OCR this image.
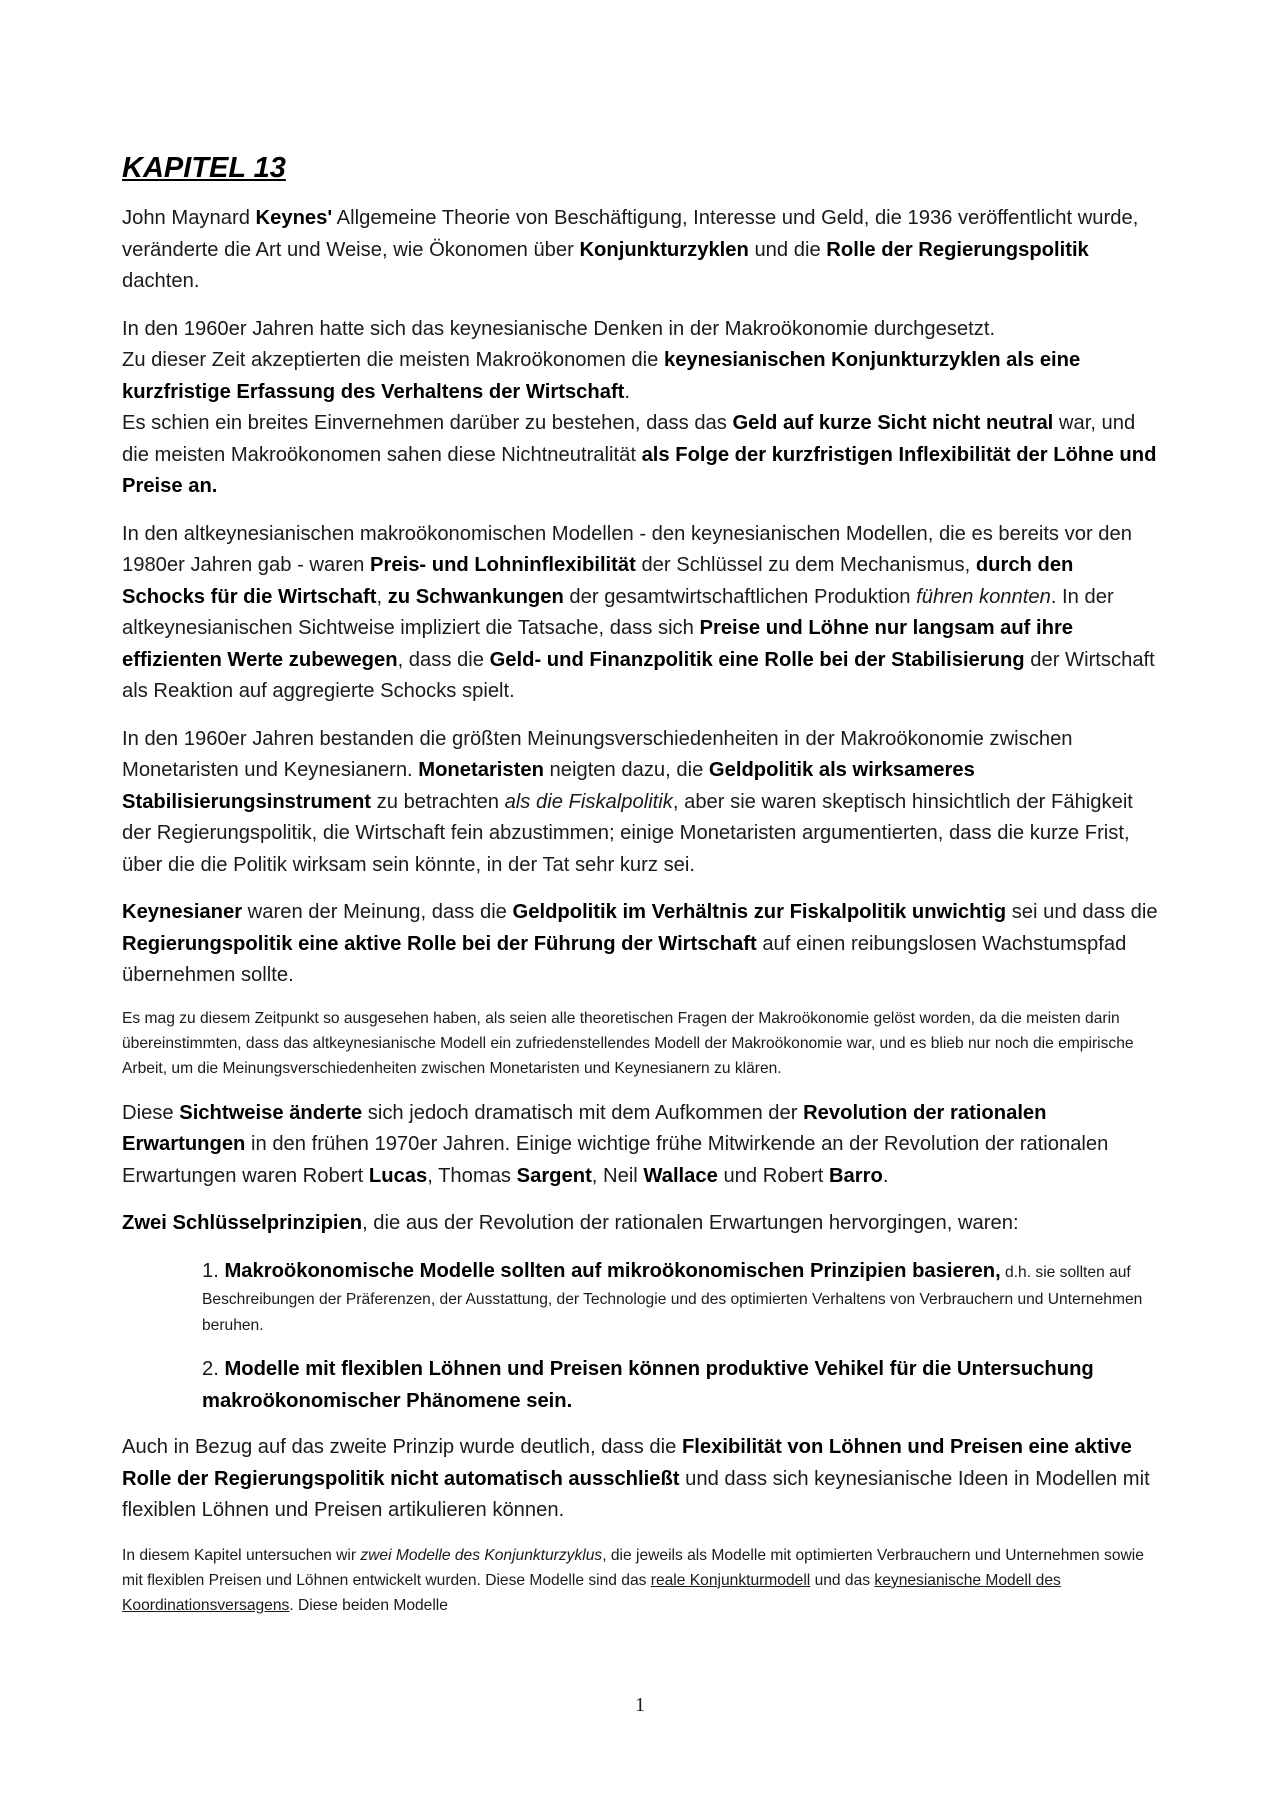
KAPITEL 13

John Maynard Keynes' Allgemeine Theorie von Beschäftigung, Interesse und Geld, die 1936 veröffentlicht wurde, veränderte die Art und Weise, wie Ökonomen über Konjunkturzyklen und die Rolle der Regierungspolitik dachten.

In den 1960er Jahren hatte sich das keynesianische Denken in der Makroökonomie durchgesetzt.
Zu dieser Zeit akzeptierten die meisten Makroökonomen die keynesianischen Konjunkturzyklen als eine kurzfristige Erfassung des Verhaltens der Wirtschaft.
Es schien ein breites Einvernehmen darüber zu bestehen, dass das Geld auf kurze Sicht nicht neutral war, und die meisten Makroökonomen sahen diese Nichtneutralität als Folge der kurzfristigen Inflexibilität der Löhne und Preise an.

In den altkeynesianischen makroökonomischen Modellen - den keynesianischen Modellen, die es bereits vor den 1980er Jahren gab - waren Preis- und Lohninflexibilität der Schlüssel zu dem Mechanismus, durch den Schocks für die Wirtschaft, zu Schwankungen der gesamtwirtschaftlichen Produktion führen konnten. In der altkeynesianischen Sichtweise impliziert die Tatsache, dass sich Preise und Löhne nur langsam auf ihre effizienten Werte zubewegen, dass die Geld- und Finanzpolitik eine Rolle bei der Stabilisierung der Wirtschaft als Reaktion auf aggregierte Schocks spielt.

In den 1960er Jahren bestanden die größten Meinungsverschiedenheiten in der Makroökonomie zwischen Monetaristen und Keynesianern. Monetaristen neigten dazu, die Geldpolitik als wirksameres Stabilisierungsinstrument zu betrachten als die Fiskalpolitik, aber sie waren skeptisch hinsichtlich der Fähigkeit der Regierungspolitik, die Wirtschaft fein abzustimmen; einige Monetaristen argumentierten, dass die kurze Frist, über die die Politik wirksam sein könnte, in der Tat sehr kurz sei.

Keynesianer waren der Meinung, dass die Geldpolitik im Verhältnis zur Fiskalpolitik unwichtig sei und dass die Regierungspolitik eine aktive Rolle bei der Führung der Wirtschaft auf einen reibungslosen Wachstumspfad übernehmen sollte.

Es mag zu diesem Zeitpunkt so ausgesehen haben, als seien alle theoretischen Fragen der Makroökonomie gelöst worden, da die meisten darin übereinstimmten, dass das altkeynesianische Modell ein zufriedenstellendes Modell der Makroökonomie war, und es blieb nur noch die empirische Arbeit, um die Meinungsverschiedenheiten zwischen Monetaristen und Keynesianern zu klären.

Diese Sichtweise änderte sich jedoch dramatisch mit dem Aufkommen der Revolution der rationalen Erwartungen in den frühen 1970er Jahren. Einige wichtige frühe Mitwirkende an der Revolution der rationalen Erwartungen waren Robert Lucas, Thomas Sargent, Neil Wallace und Robert Barro.

Zwei Schlüsselprinzipien, die aus der Revolution der rationalen Erwartungen hervorgingen, waren:

1. Makroökonomische Modelle sollten auf mikroökonomischen Prinzipien basieren, d.h. sie sollten auf Beschreibungen der Präferenzen, der Ausstattung, der Technologie und des optimierten Verhaltens von Verbrauchern und Unternehmen beruhen.
2. Modelle mit flexiblen Löhnen und Preisen können produktive Vehikel für die Untersuchung makroökonomischer Phänomene sein.

Auch in Bezug auf das zweite Prinzip wurde deutlich, dass die Flexibilität von Löhnen und Preisen eine aktive Rolle der Regierungspolitik nicht automatisch ausschließt und dass sich keynesianische Ideen in Modellen mit flexiblen Löhnen und Preisen artikulieren können.

In diesem Kapitel untersuchen wir zwei Modelle des Konjunkturzyklus, die jeweils als Modelle mit optimierten Verbrauchern und Unternehmen sowie mit flexiblen Preisen und Löhnen entwickelt wurden. Diese Modelle sind das reale Konjunkturmodell und das keynesianische Modell des Koordinationsversagens. Diese beiden Modelle

1
